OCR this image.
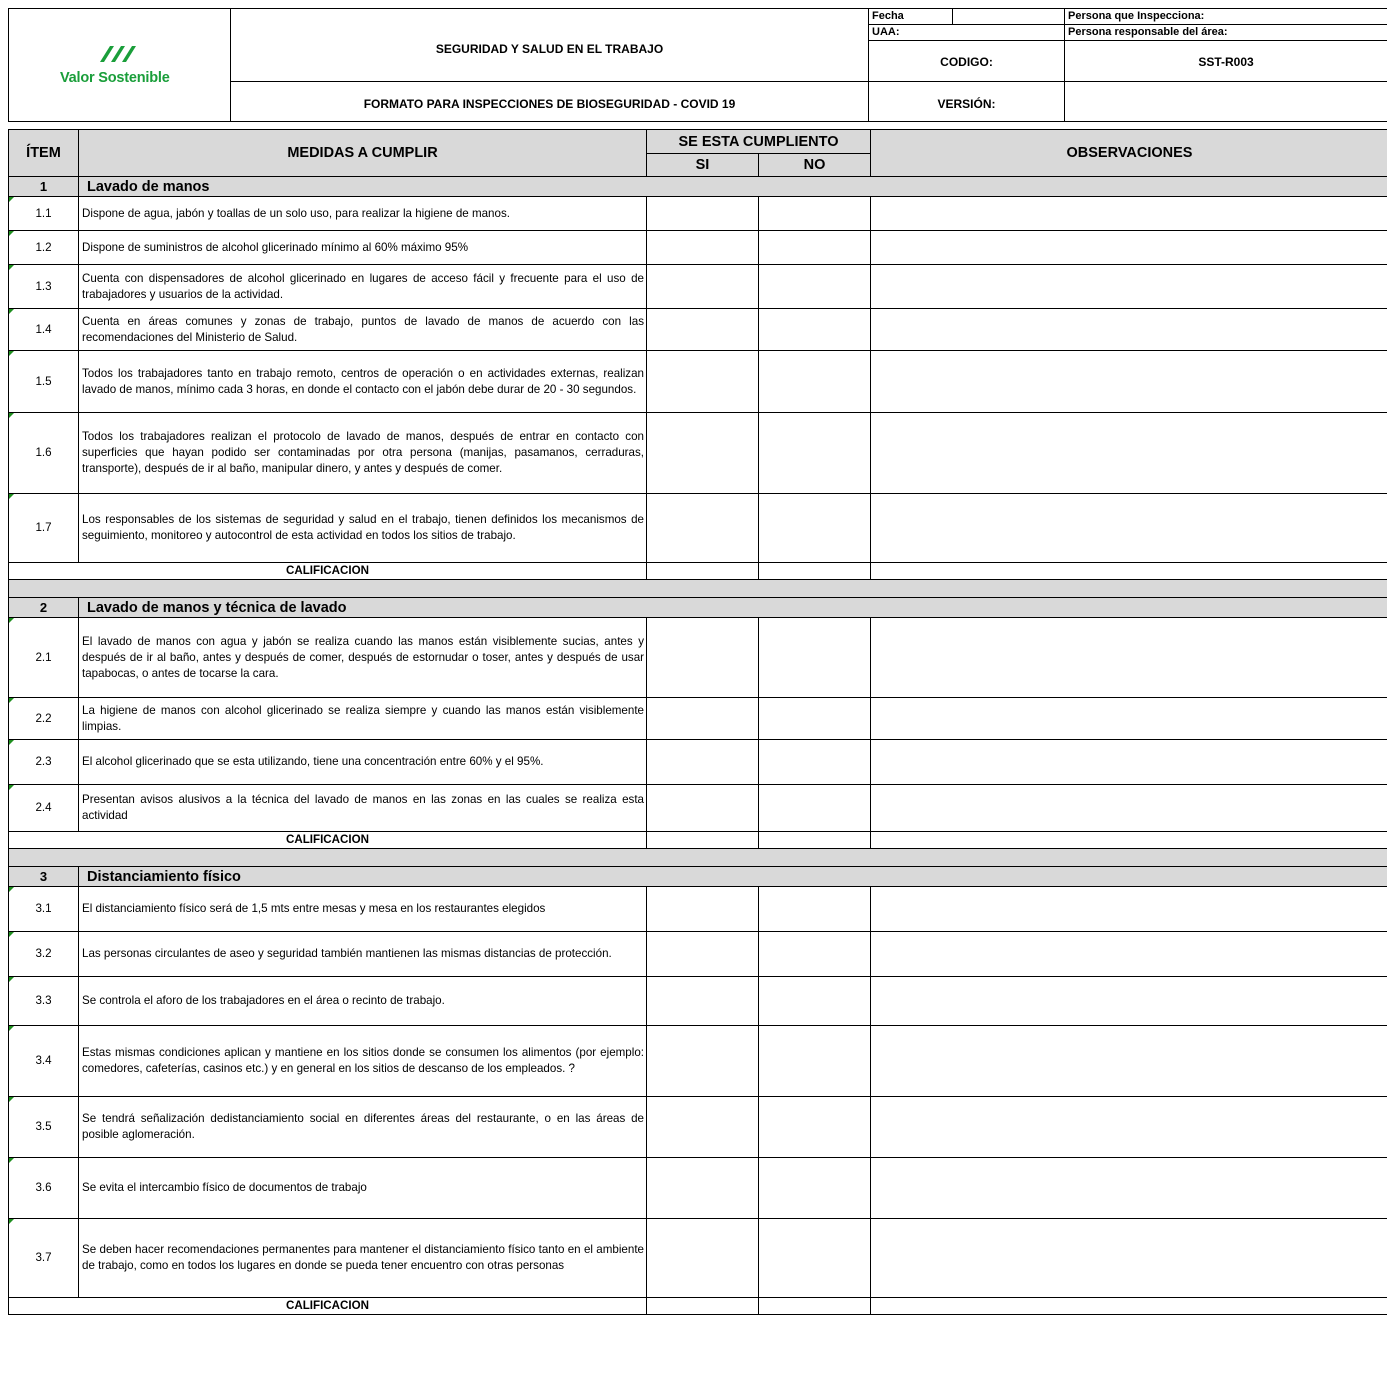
Valor Sostenible
SEGURIDAD Y SALUD EN EL TRABAJO
FORMATO PARA INSPECCIONES DE BIOSEGURIDAD - COVID 19
Fecha
UAA:
Persona que Inspecciona:
Persona responsable del área:
CODIGO:	SST-R003
VERSIÓN:
ÍTEM	MEDIDAS A CUMPLIR	SE ESTA CUMPLIENTO		OBSERVACIONES
		SI	NO	
1	Lavado de manos			

1.1	Dispone de agua, jabón y toallas de un solo uso, para realizar la higiene de manos.			

1.2	Dispone de suministros de alcohol glicerinado mínimo al 60% máximo 95%			

1.3	Cuenta con dispensadores de alcohol glicerinado en lugares de acceso fácil y frecuente para el uso de trabajadores y usuarios de la actividad.			

1.4	Cuenta en áreas comunes y zonas de trabajo, puntos de lavado de manos de acuerdo con las recomendaciones del Ministerio de Salud.			

1.5	Todos los trabajadores tanto en trabajo remoto, centros de operación o en actividades externas, realizan lavado de manos, mínimo cada 3 horas, en donde el contacto con el jabón debe durar de 20 - 30 segundos.			

1.6	Todos los trabajadores realizan el protocolo de lavado de manos, después de entrar en contacto con superficies que hayan podido ser contaminadas por otra persona (manijas, pasamanos, cerraduras, transporte), después de ir al baño, manipular dinero, y antes y después de comer.			

1.7	Los responsables de los sistemas de seguridad y salud en el trabajo, tienen definidos los mecanismos de seguimiento, monitoreo y autocontrol de esta actividad en todos los sitios de trabajo.			

CALIFICACION				

2	Lavado de manos y técnica de lavado			

2.1	El lavado de manos con agua y jabón se realiza cuando las manos están visiblemente sucias, antes y después de ir al baño, antes y después de comer, después de estornudar o toser, antes y después de usar tapabocas, o antes de tocarse la cara.			

2.2	La higiene de manos con alcohol glicerinado se realiza siempre y cuando las manos están visiblemente limpias.			

2.3	El alcohol glicerinado que se esta utilizando, tiene una concentración entre 60% y el 95%.			

2.4	Presentan avisos alusivos a la técnica del lavado de manos en las zonas en las cuales se realiza esta actividad			

CALIFICACION				

3	Distanciamiento físico			

3.1	El distanciamiento físico será de 1,5 mts entre mesas y mesa en los restaurantes elegidos			

3.2	Las personas circulantes de aseo y seguridad también mantienen las mismas distancias de protección.			

3.3	Se controla el aforo de los trabajadores en el área o recinto de trabajo.			

3.4	Estas mismas condiciones aplican y mantiene en los sitios donde se consumen los alimentos (por ejemplo: comedores, cafeterías, casinos etc.) y en general en los sitios de descanso de los empleados. ?			

3.5	Se tendrá señalización dedistanciamiento social en diferentes áreas del restaurante, o en las áreas de posible aglomeración.			

3.6	Se evita el intercambio físico de documentos de trabajo			

3.7	Se deben hacer recomendaciones permanentes para mantener el distanciamiento físico tanto en el ambiente de trabajo, como en todos los lugares en donde se pueda tener encuentro con otras personas			

CALIFICACION				
